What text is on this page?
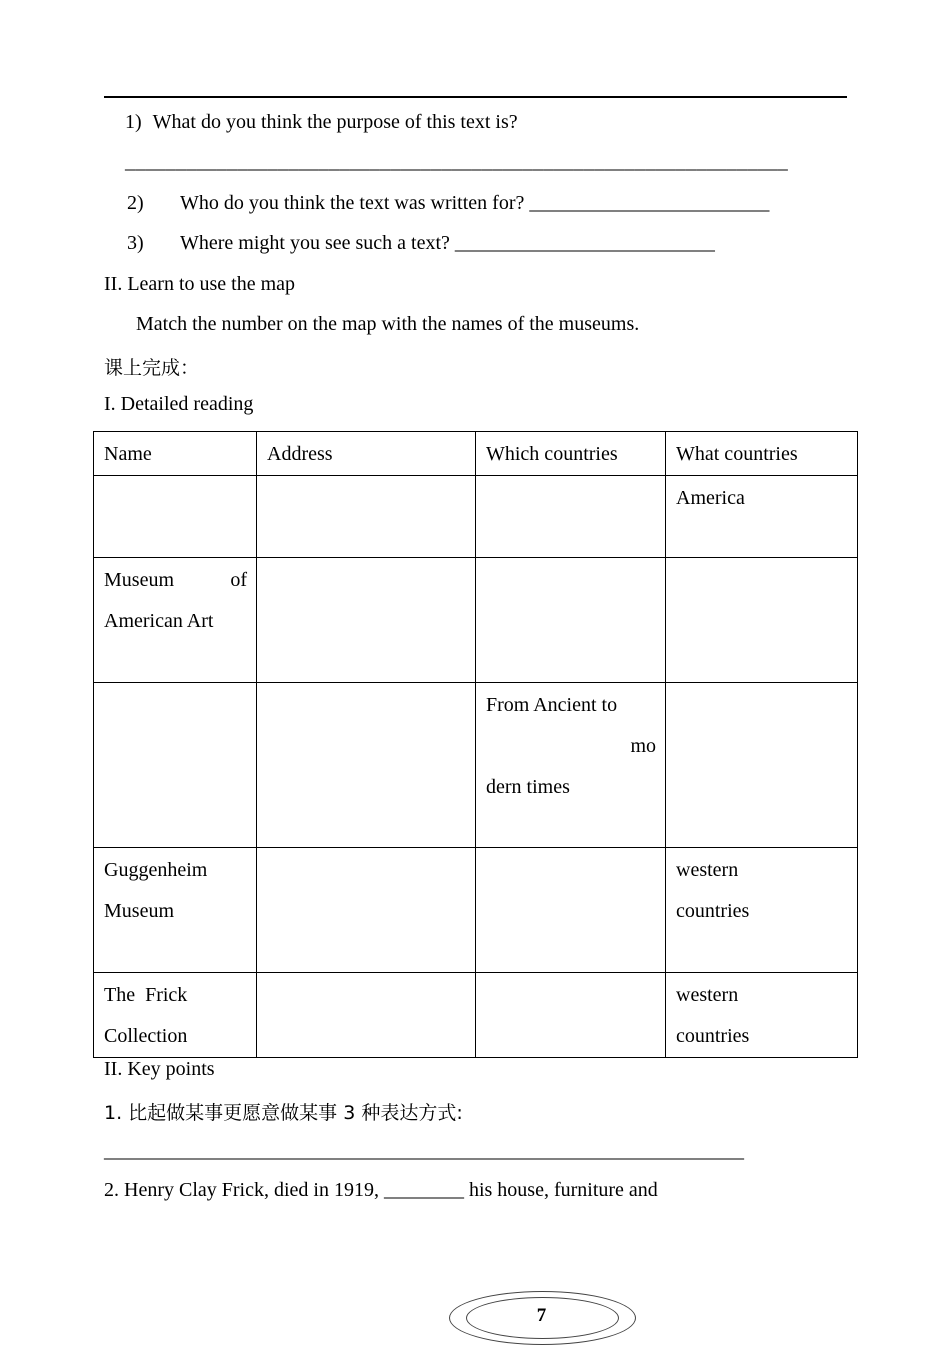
1) What do you think the purpose of this text is?
_________________________________________________________________
2) Who do you think the text was written for? ________________________
3) Where might you see such a text? __________________________
II. Learn to use the map
Match the number on the map with the names of the museums.
课上完成：
I. Detailed reading
Name	Address	Which countries	What countries
			America

Museum of
American Art			

		From Ancient to
mo
dern times	

Guggenheim
Museum			western
countries

The  Frick
Collection			western
countries
II. Key points
1. 比起做某事更愿意做某事 3 种表达方式:
________________________________________________________________
2. Henry Clay Frick, died in 1919, ________ his house, furniture and
7
